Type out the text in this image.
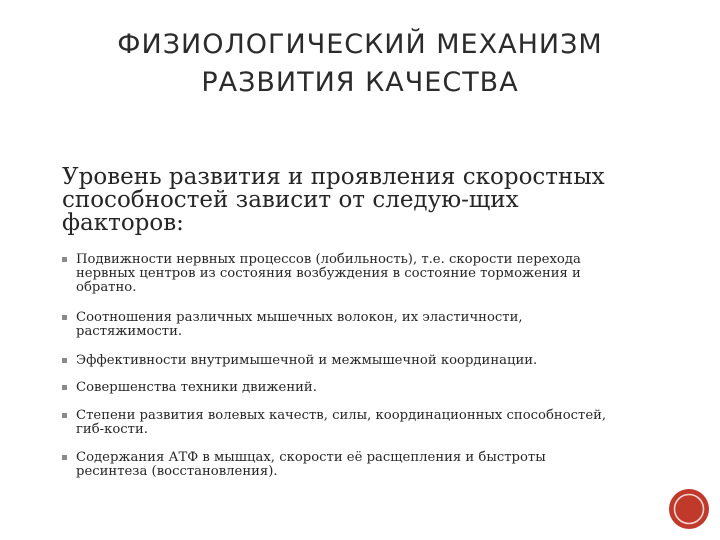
ФИЗИОЛОГИЧЕСКИЙ МЕХАНИЗМ
РАЗВИТИЯ КАЧЕСТВА

Уровень развития и проявления скоростных
способностей зависит от следую-щих
факторов:

Подвижности нервных процессов (лобильность), т.е. скорости перехода
нервных центров из состояния возбуждения в состояние торможения и
обратно.
Соотношения различных мышечных волокон, их эластичности,
растяжимости.
Эффективности внутримышечной и межмышечной координации.
Совершенства техники движений.
Степени развития волевых качеств, силы, координационных способностей,
гиб-кости.
Содержания АТФ в мышцах, скорости её расщепления и быстроты
ресинтеза (восстановления).
